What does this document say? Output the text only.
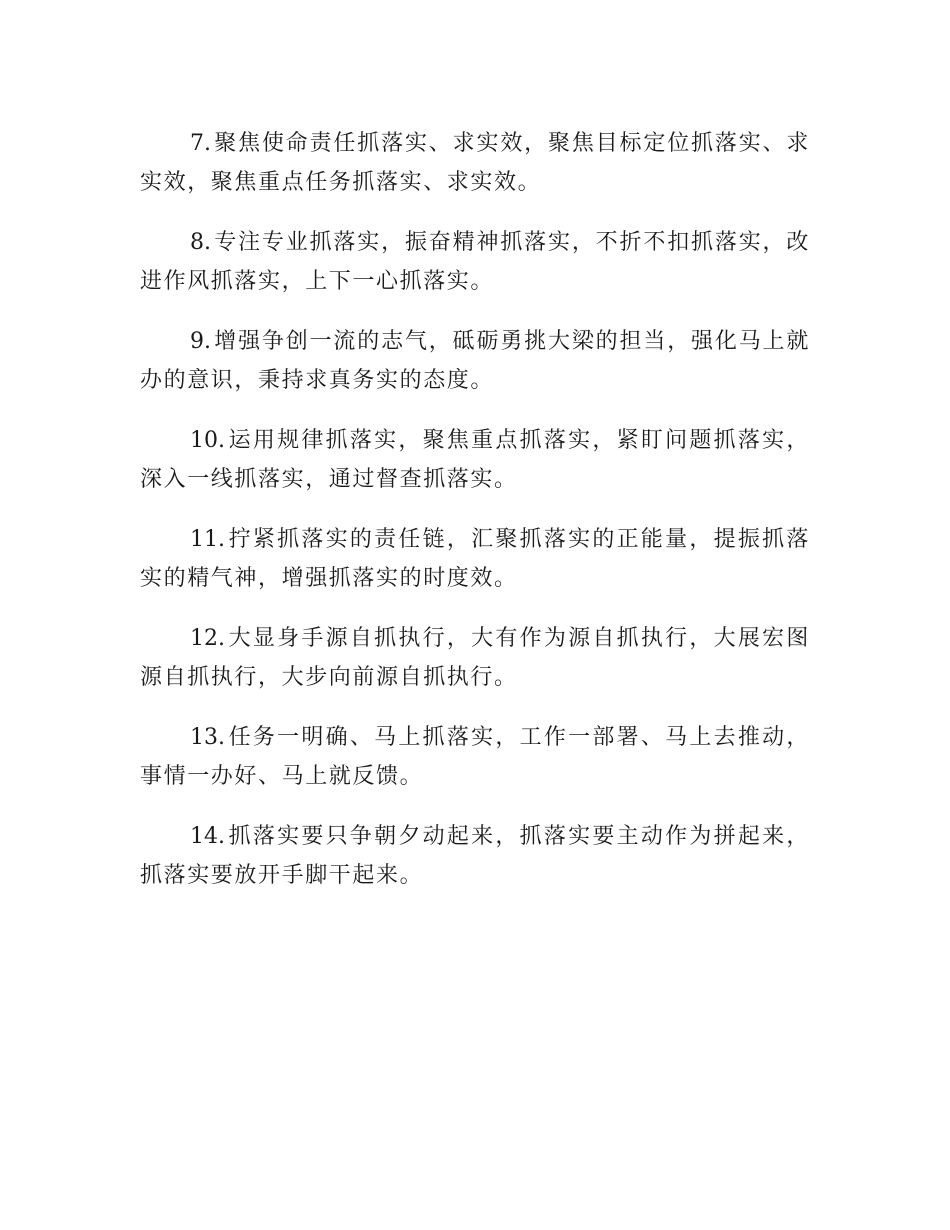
7. 聚焦使命责任抓落实、求实效，聚焦目标定位抓落实、求实效，聚焦重点任务抓落实、求实效。

8. 专注专业抓落实，振奋精神抓落实，不折不扣抓落实，改进作风抓落实，上下一心抓落实。

9. 增强争创一流的志气，砥砺勇挑大梁的担当，强化马上就办的意识，秉持求真务实的态度。

10. 运用规律抓落实，聚焦重点抓落实，紧盯问题抓落实，深入一线抓落实，通过督查抓落实。

11. 拧紧抓落实的责任链，汇聚抓落实的正能量，提振抓落实的精气神，增强抓落实的时度效。

12. 大显身手源自抓执行，大有作为源自抓执行，大展宏图源自抓执行，大步向前源自抓执行。

13. 任务一明确、马上抓落实，工作一部署、马上去推动，事情一办好、马上就反馈。

14. 抓落实要只争朝夕动起来，抓落实要主动作为拼起来，抓落实要放开手脚干起来。
